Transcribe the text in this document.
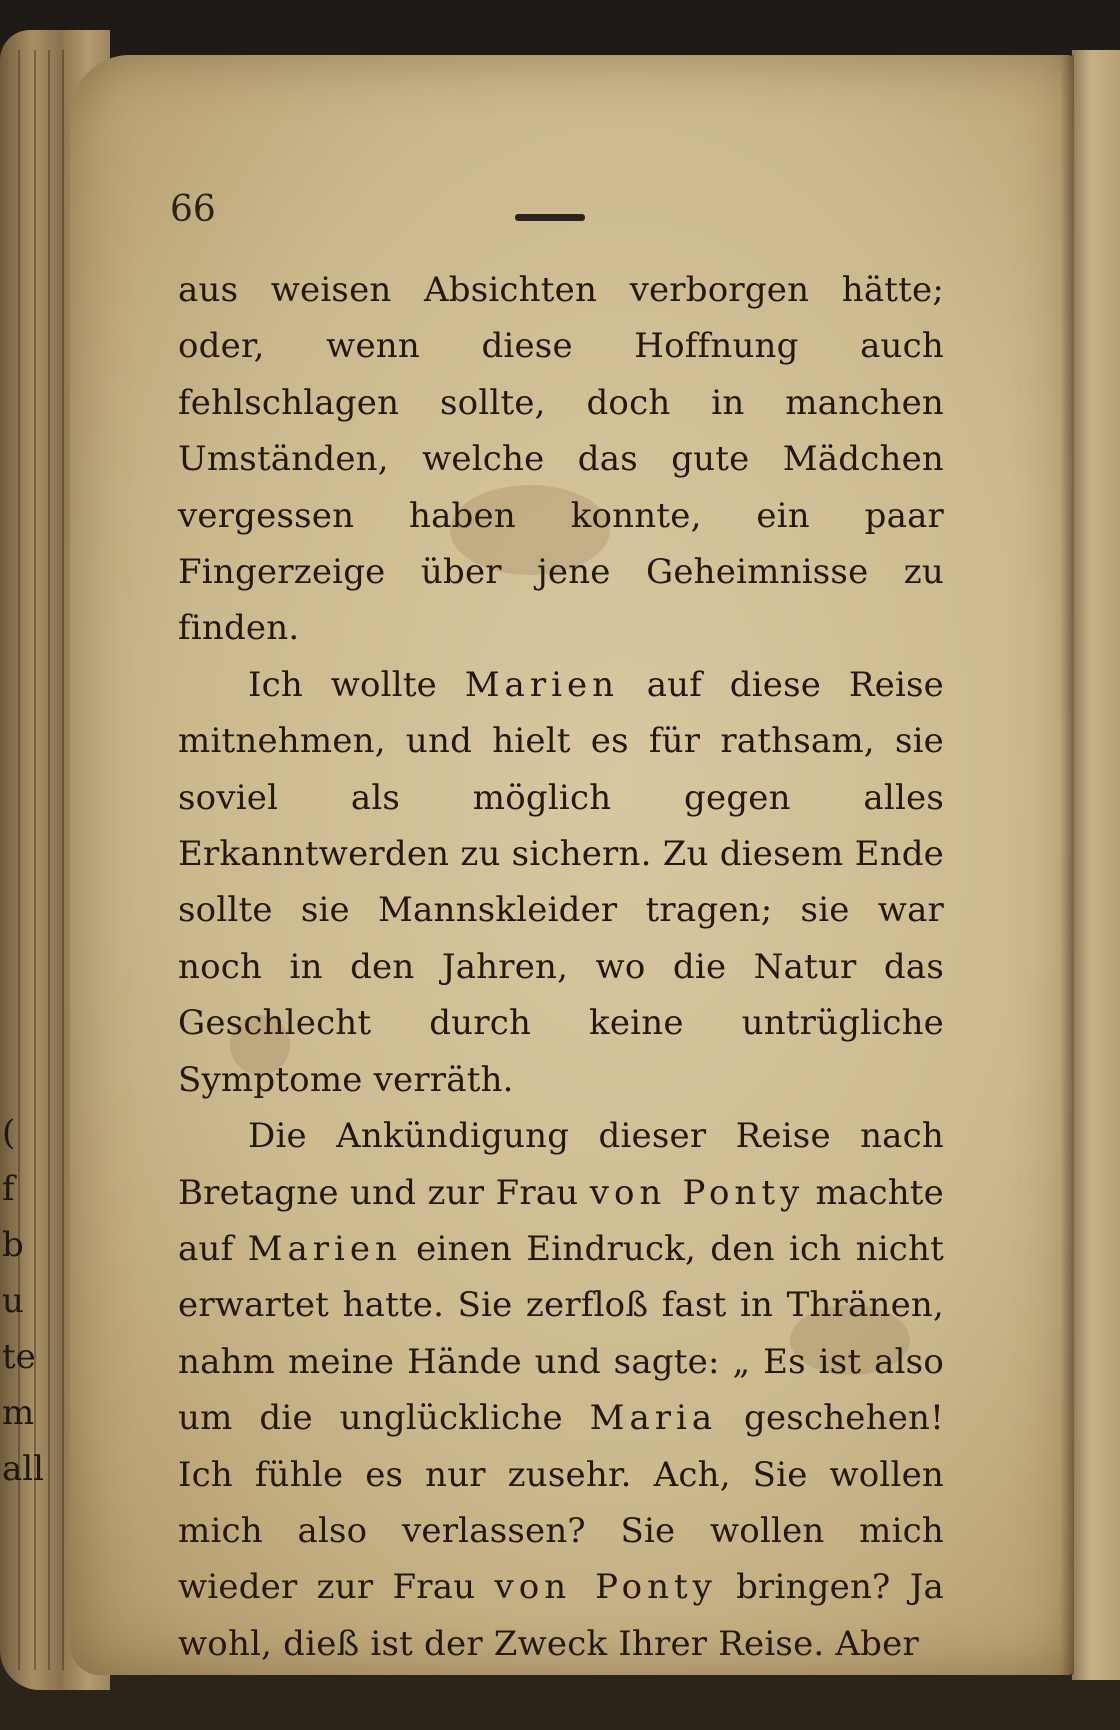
(
f
b
u
te
m
all
66

aus weisen Absichten verborgen hätte; oder, wenn diese Hoffnung auch fehlschlagen sollte, doch in manchen Umständen, welche das gute Mädchen vergessen haben konnte, ein paar Fingerzeige über jene Geheimnisse zu finden.

Ich wollte Marien auf diese Reise mitnehmen, und hielt es für rathsam, sie soviel als möglich gegen alles Erkanntwerden zu sichern. Zu diesem Ende sollte sie Mannskleider tragen; sie war noch in den Jahren, wo die Natur das Geschlecht durch keine untrügliche Symptome verräth.

Die Ankündigung dieser Reise nach Bretagne und zur Frau von Ponty machte auf Marien einen Eindruck, den ich nicht erwartet hatte. Sie zerfloß fast in Thränen, nahm meine Hände und sagte: „ Es ist also um die unglückliche Maria geschehen! Ich fühle es nur zusehr. Ach, Sie wollen mich also verlassen? Sie wollen mich wieder zur Frau von Ponty bringen? Ja wohl, dieß ist der Zweck Ihrer Reise. Aber
